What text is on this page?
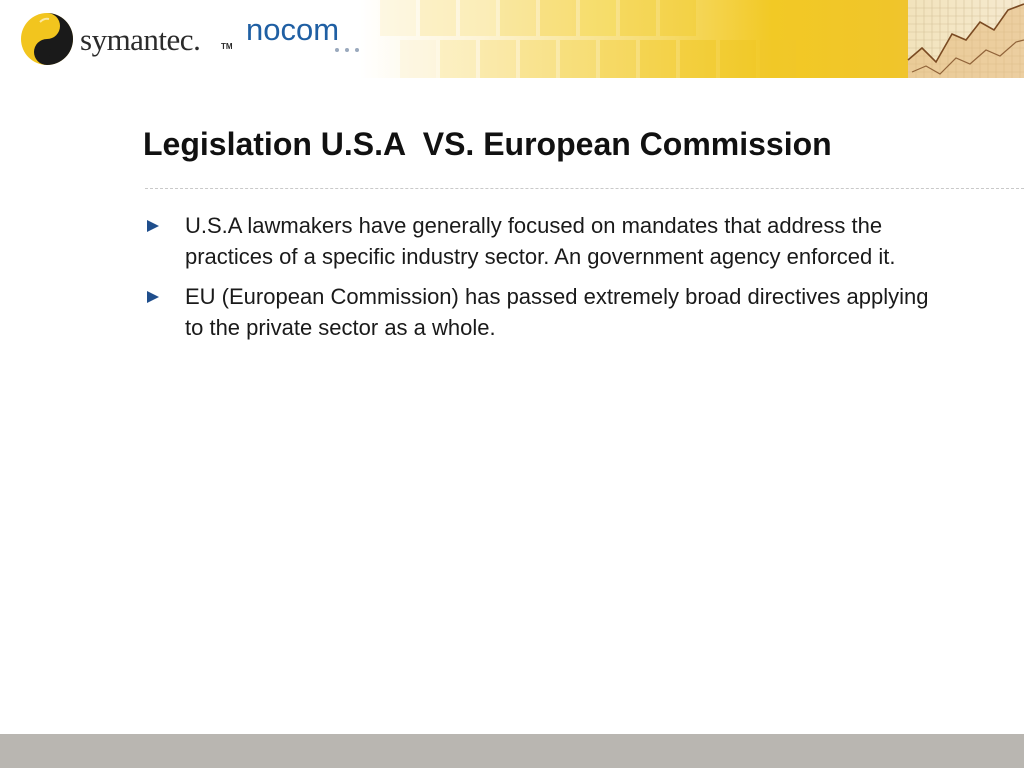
symantec.	TM nocom
Legislation U.S.A  VS. European Commission
U.S.A lawmakers have generally focused on mandates that address the practices of a specific industry sector. An government agency enforced it.
EU (European Commission) has passed extremely broad directives applying to the private sector as a whole.
